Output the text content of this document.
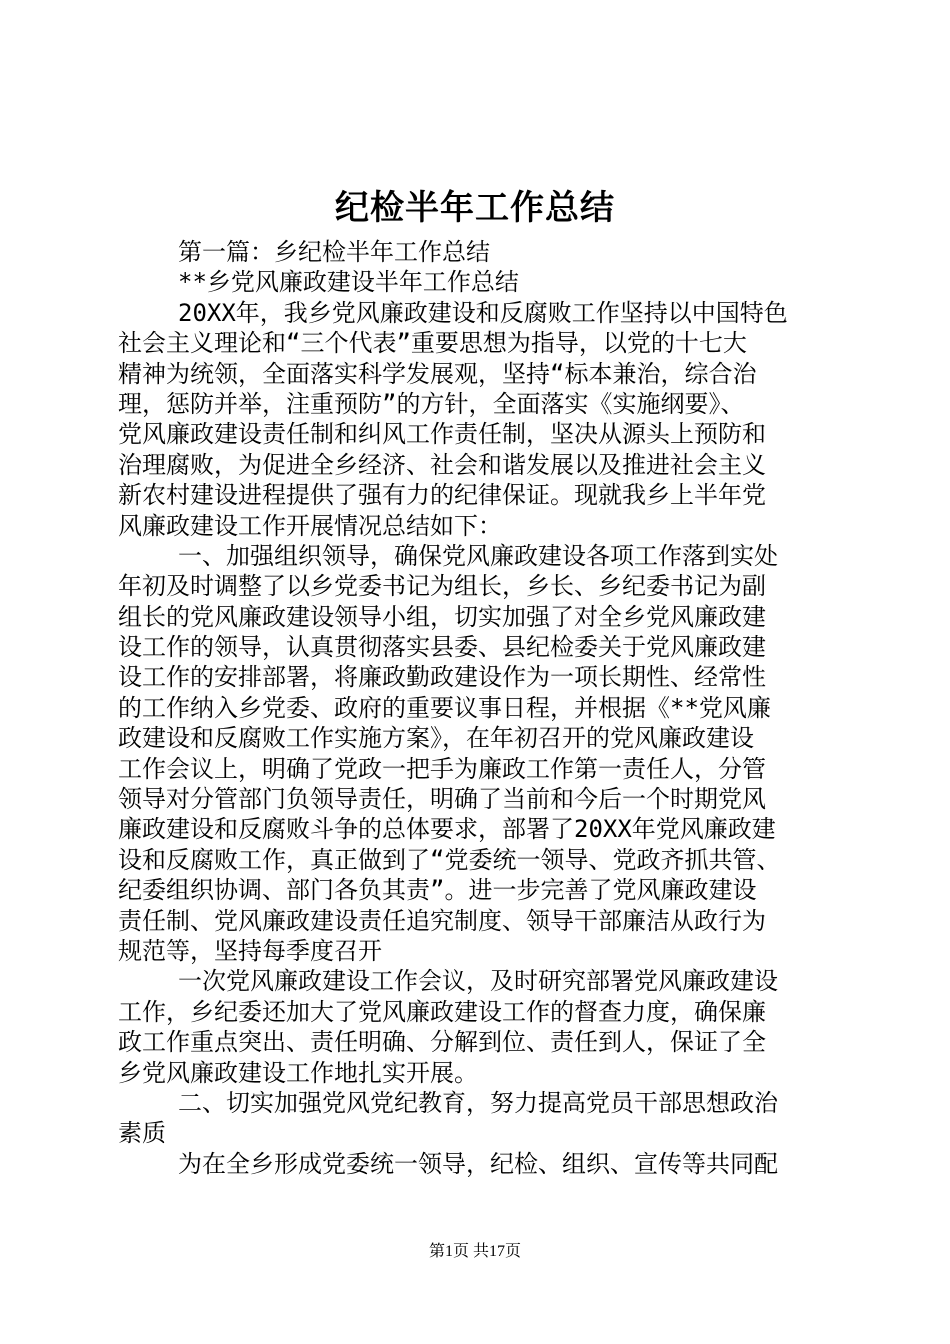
纪检半年工作总结
第一篇：乡纪检半年工作总结
**乡党风廉政建设半年工作总结
20XX年，我乡党风廉政建设和反腐败工作坚持以中国特色
社会主义理论和“三个代表”重要思想为指导，以党的十七大
精神为统领，全面落实科学发展观，坚持“标本兼治，综合治
理，惩防并举，注重预防”的方针，全面落实《实施纲要》、
党风廉政建设责任制和纠风工作责任制，坚决从源头上预防和
治理腐败，为促进全乡经济、社会和谐发展以及推进社会主义
新农村建设进程提供了强有力的纪律保证。现就我乡上半年党
风廉政建设工作开展情况总结如下：
一、加强组织领导，确保党风廉政建设各项工作落到实处
年初及时调整了以乡党委书记为组长，乡长、乡纪委书记为副
组长的党风廉政建设领导小组，切实加强了对全乡党风廉政建
设工作的领导，认真贯彻落实县委、县纪检委关于党风廉政建
设工作的安排部署，将廉政勤政建设作为一项长期性、经常性
的工作纳入乡党委、政府的重要议事日程，并根据《**党风廉
政建设和反腐败工作实施方案》，在年初召开的党风廉政建设
工作会议上，明确了党政一把手为廉政工作第一责任人，分管
领导对分管部门负领导责任，明确了当前和今后一个时期党风
廉政建设和反腐败斗争的总体要求，部署了20XX年党风廉政建
设和反腐败工作，真正做到了“党委统一领导、党政齐抓共管、
纪委组织协调、部门各负其责”。进一步完善了党风廉政建设
责任制、党风廉政建设责任追究制度、领导干部廉洁从政行为
规范等，坚持每季度召开
一次党风廉政建设工作会议，及时研究部署党风廉政建设
工作，乡纪委还加大了党风廉政建设工作的督查力度，确保廉
政工作重点突出、责任明确、分解到位、责任到人，保证了全
乡党风廉政建设工作地扎实开展。
二、切实加强党风党纪教育，努力提高党员干部思想政治
素质
为在全乡形成党委统一领导，纪检、组织、宣传等共同配
第1页 共17页
